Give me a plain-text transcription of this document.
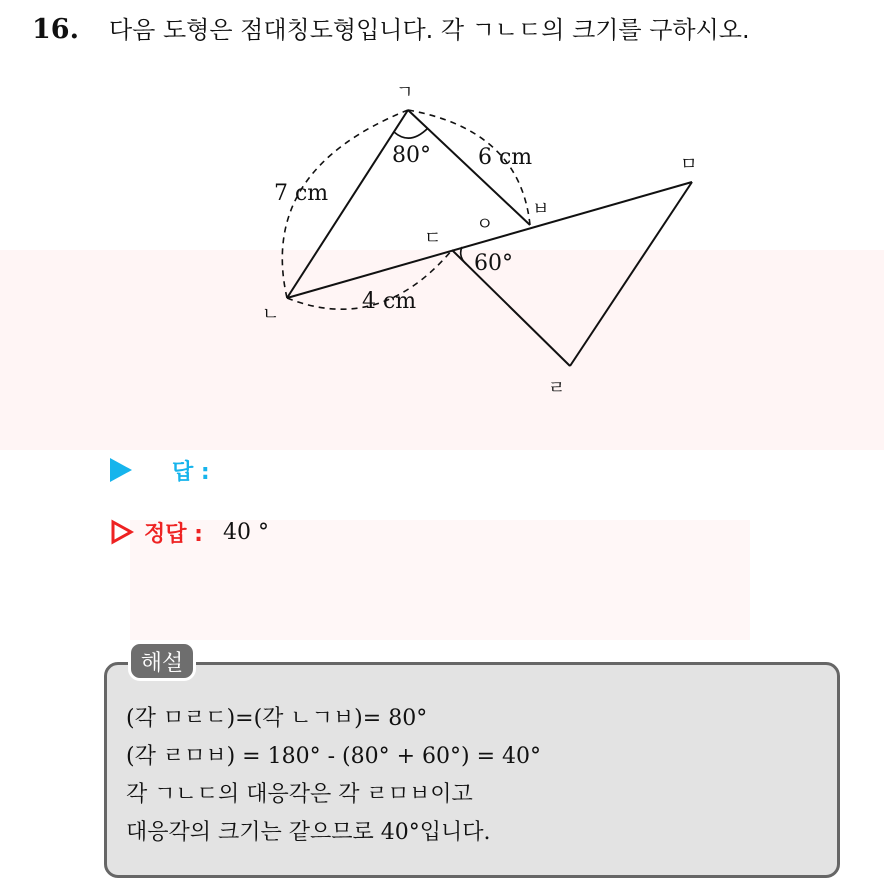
16. 다음 도형은 점대칭도형입니다. 각 ㄱㄴㄷ의 크기를 구하시오.
ㄱ
ㄴ
ㄷ
ㅇ
ㅂ
ㅁ
ㄹ
7 cm
6 cm
4 cm
80°
60°
답 :
정답 : 40 °
해설
(각 ㅁㄹㄷ)=(각 ㄴㄱㅂ)= 80°
(각 ㄹㅁㅂ) = 180° - (80° + 60°) = 40°
각 ㄱㄴㄷ의 대응각은 각 ㄹㅁㅂ이고
대응각의 크기는 같으므로 40°입니다.
